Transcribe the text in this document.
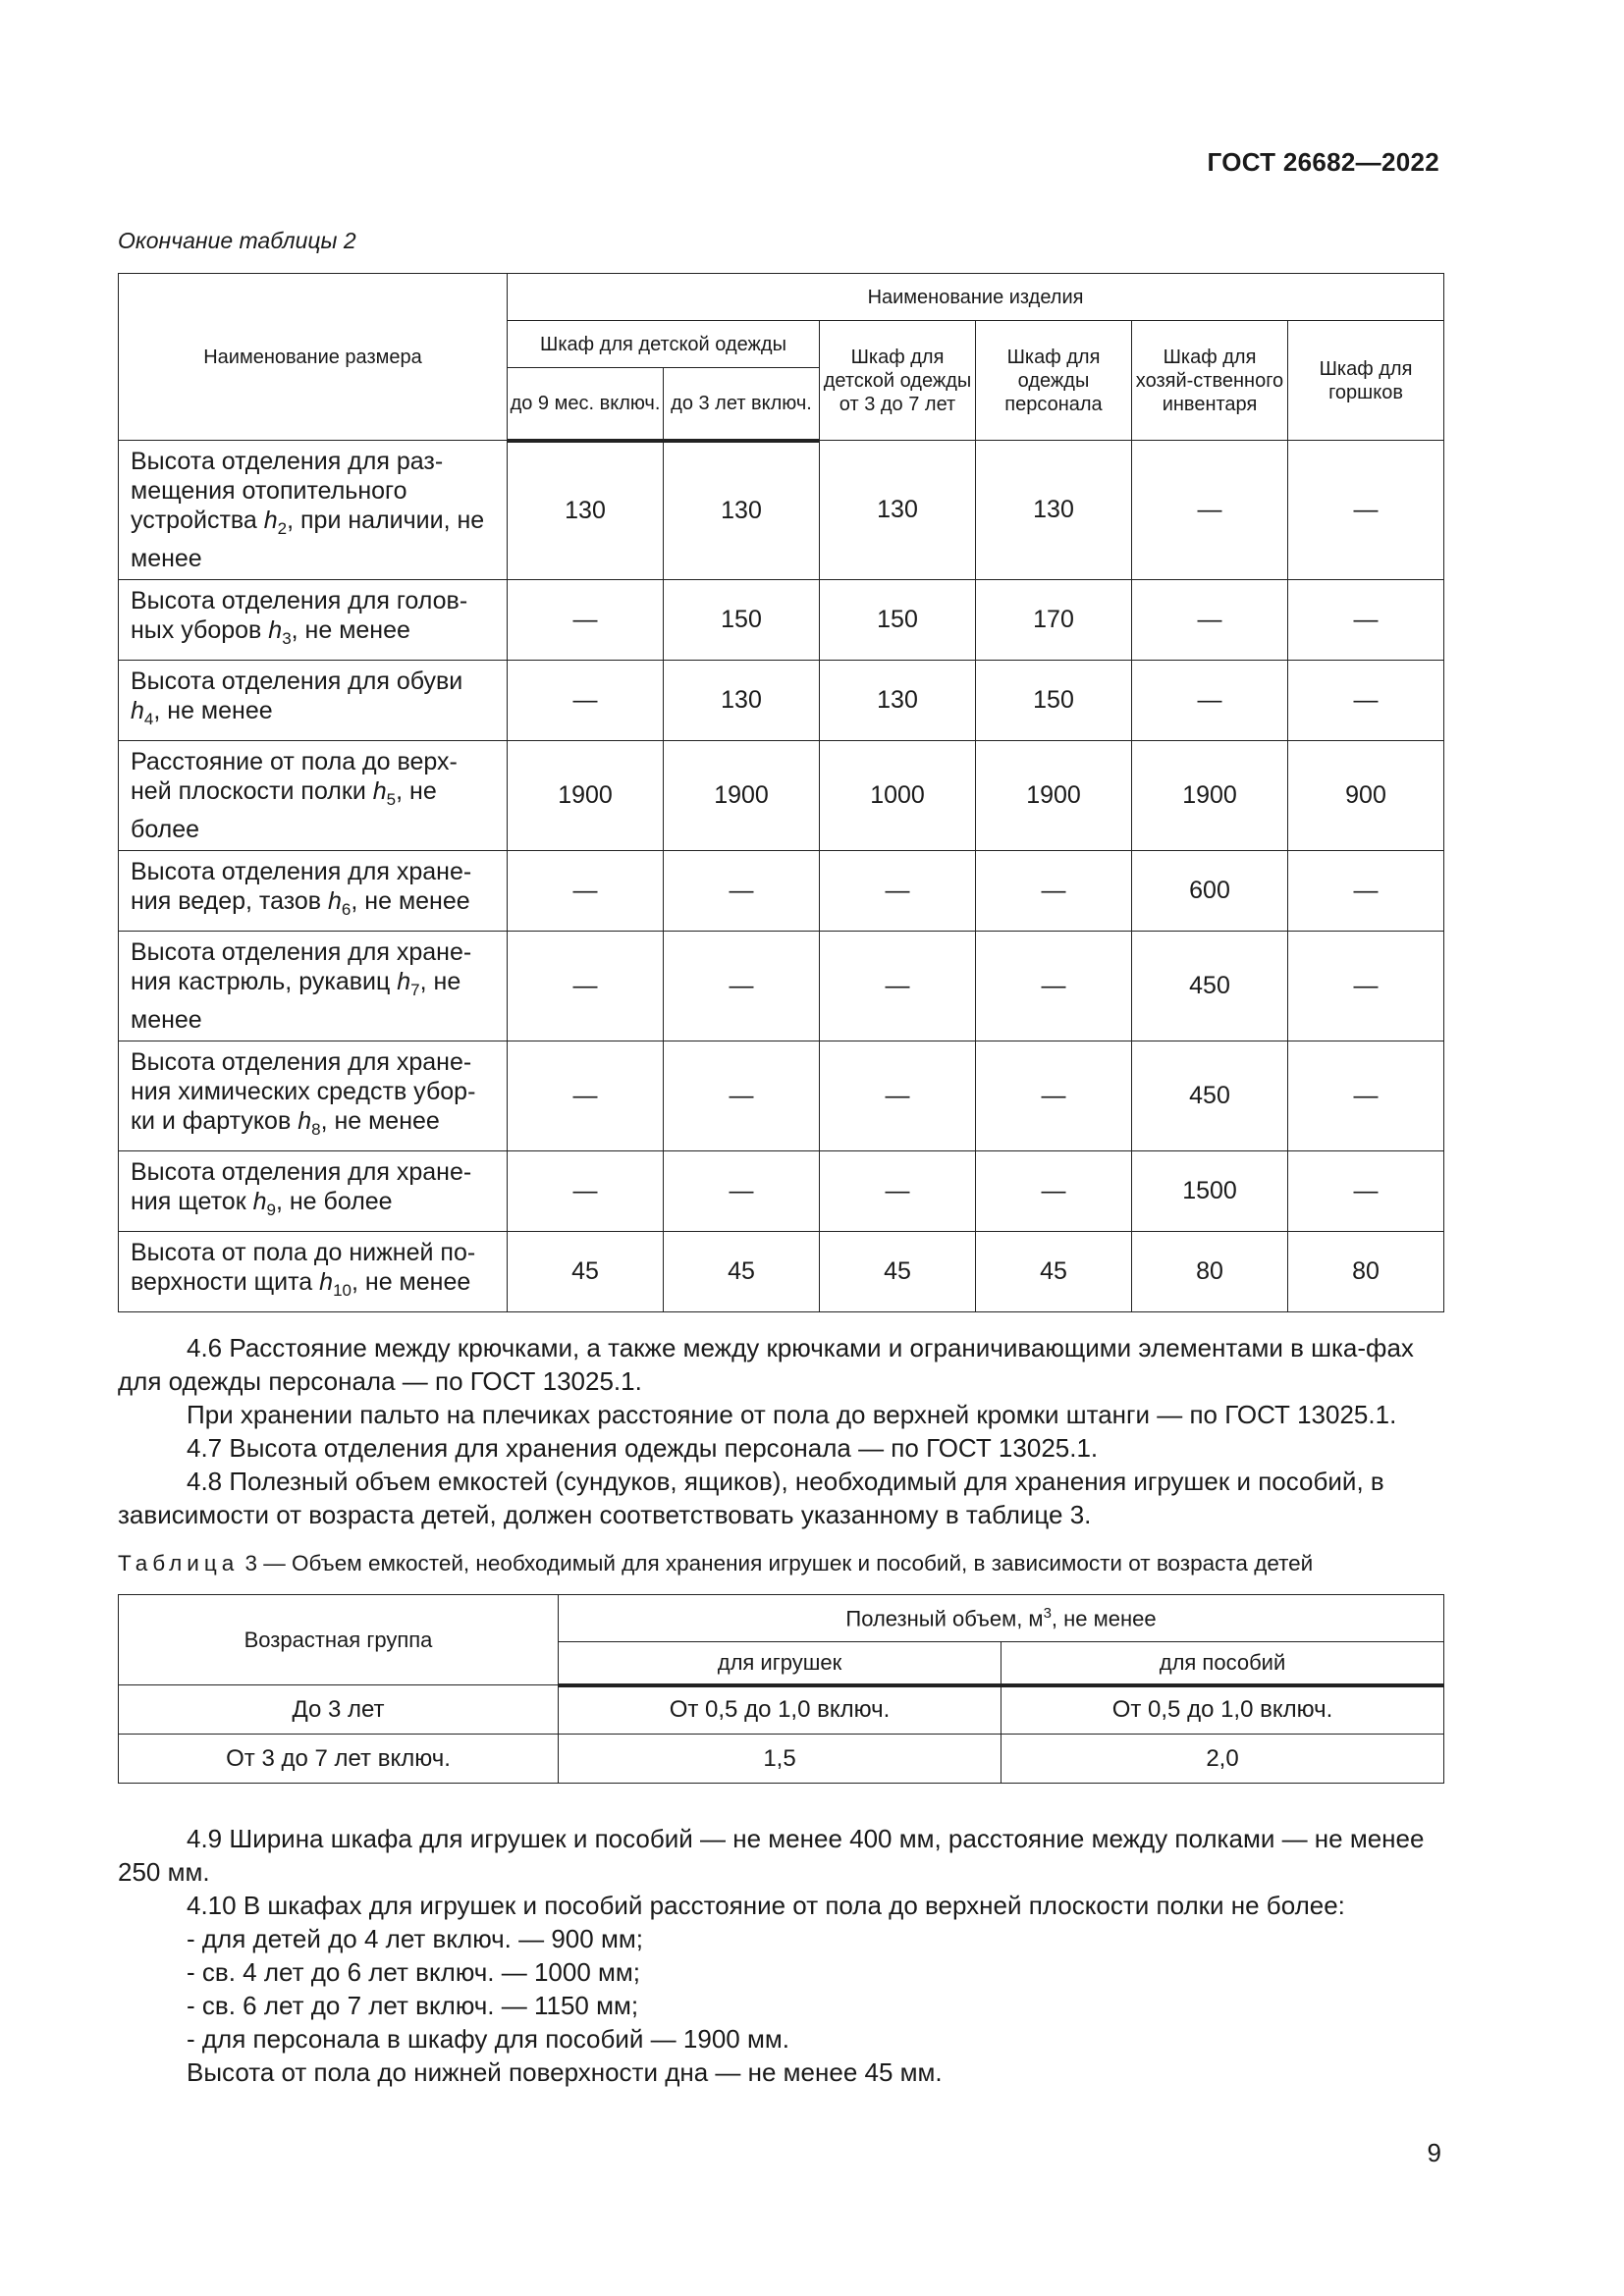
ГОСТ 26682—2022
Окончание таблицы 2
Наименование размера	Наименование изделия					
	Шкаф для детской одежды		Шкаф для детской одежды от 3 до 7 лет	Шкаф для одежды персонала	Шкаф для хозяй-ственного инвентаря	Шкаф для горшков
	до 9 мес. включ.	до 3 лет включ.				
Высота отделения для раз-мещения отопительного устройства $h_2$, при наличии, не менее	130	130	130	130	—	—
Высота отделения для голов-ных уборов $h_3$, не менее	—	150	150	170	—	—
Высота отделения для обуви $h_4$, не менее	—	130	130	150	—	—
Расстояние от пола до верх-ней плоскости полки $h_5$, не более	1900	1900	1000	1900	1900	900
Высота отделения для хране-ния ведер, тазов $h_6$, не менее	—	—	—	—	600	—
Высота отделения для хране-ния кастрюль, рукавиц $h_7$, не менее	—	—	—	—	450	—
Высота отделения для хране-ния химических средств убор-ки и фартуков $h_8$, не менее	—	—	—	—	450	—
Высота отделения для хране-ния щеток $h_9$, не более	—	—	—	—	1500	—
Высота от пола до нижней по-верхности щита $h_{10}$, не менее	45	45	45	45	80	80
Таблица 3 — Объем емкостей, необходимый для хранения игрушек и пособий, в зависимости от возраста детей
Возрастная группа	Полезный объем, $м^3$, не менее	
	для игрушек	для пособий
До 3 лет	От 0,5 до 1,0 включ.	От 0,5 до 1,0 включ.
От 3 до 7 лет включ.	1,5	2,0

4.6 Расстояние между крючками, а также между крючками и ограничивающими элементами в шка-фах для одежды персонала — по ГОСТ 13025.1.

При хранении пальто на плечиках расстояние от пола до верхней кромки штанги — по ГОСТ 13025.1.

4.7 Высота отделения для хранения одежды персонала — по ГОСТ 13025.1.

4.8 Полезный объем емкостей (сундуков, ящиков), необходимый для хранения игрушек и пособий, в зависимости от возраста детей, должен соответствовать указанному в таблице 3.

4.9 Ширина шкафа для игрушек и пособий — не менее 400 мм, расстояние между полками — не менее 250 мм.

4.10 В шкафах для игрушек и пособий расстояние от пола до верхней плоскости полки не более:

- для детей до 4 лет включ. — 900 мм;

- св. 4 лет до 6 лет включ. — 1000 мм;

- св. 6 лет до 7 лет включ. — 1150 мм;

- для персонала в шкафу для пособий — 1900 мм.

Высота от пола до нижней поверхности дна — не менее 45 мм.

9
